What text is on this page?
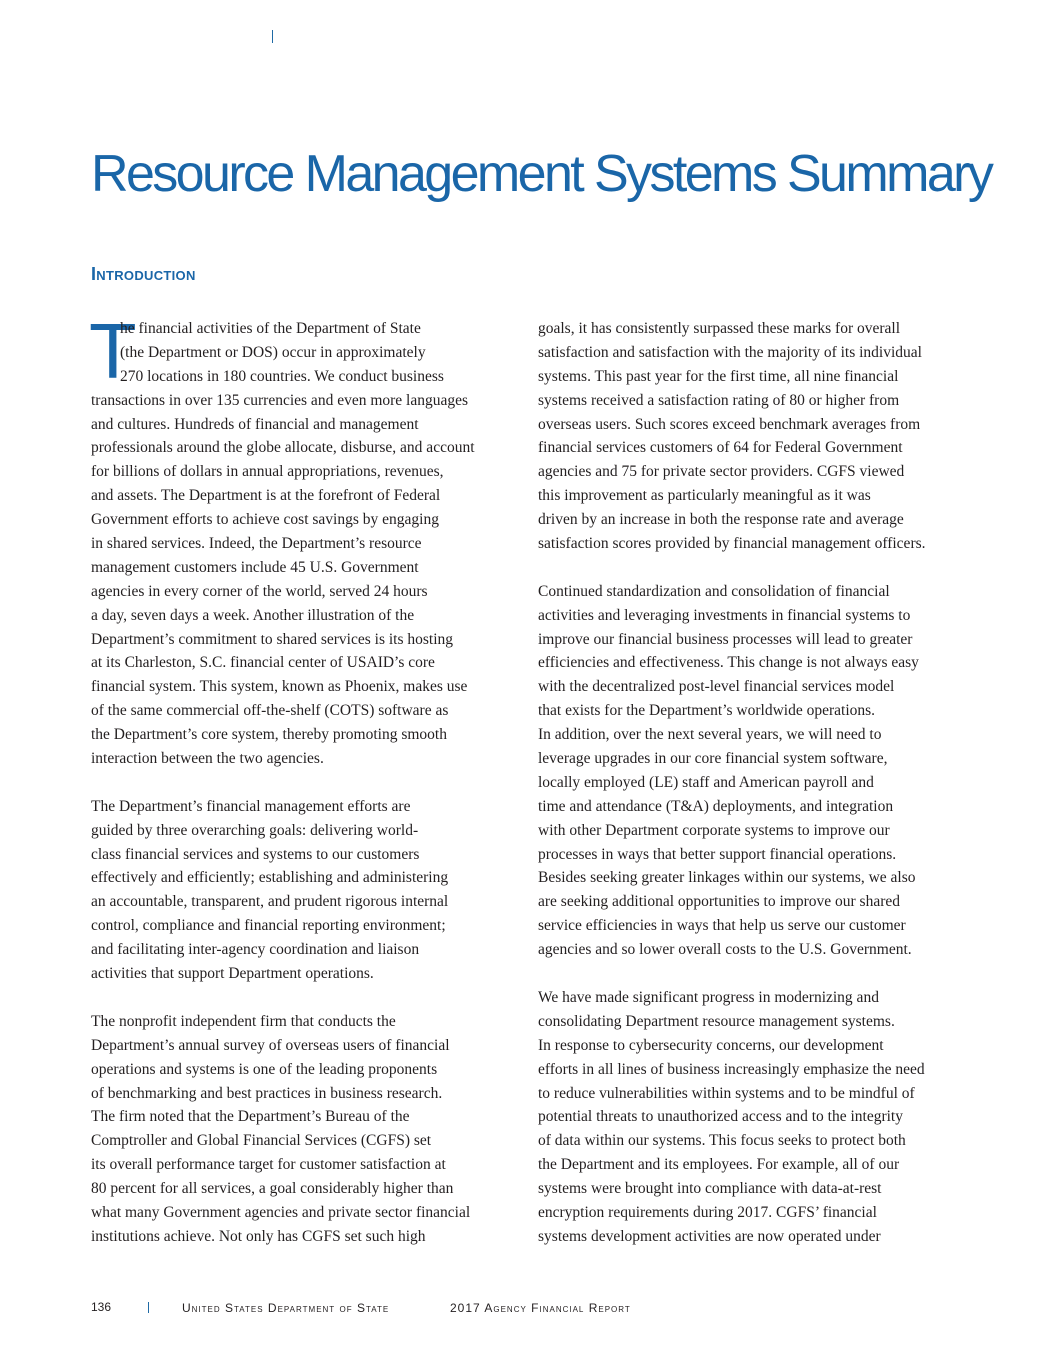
Resource Management Systems Summary
Introduction
T
he financial activities of the Department of State
(the Department or DOS) occur in approximately
270 locations in 180 countries. We conduct business
transactions in over 135 currencies and even more languages
and cultures. Hundreds of financial and management
professionals around the globe allocate, disburse, and account
for billions of dollars in annual appropriations, revenues,
and assets. The Department is at the forefront of Federal
Government efforts to achieve cost savings by engaging
in shared services. Indeed, the Department’s resource
management customers include 45 U.S. Government
agencies in every corner of the world, served 24 hours
a day, seven days a week. Another illustration of the
Department’s commitment to shared services is its hosting
at its Charleston, S.C. financial center of USAID’s core
financial system. This system, known as Phoenix, makes use
of the same commercial off-the-shelf (COTS) software as
the Department’s core system, thereby promoting smooth
interaction between the two agencies.
The Department’s financial management efforts are
guided by three overarching goals: delivering world-
class financial services and systems to our customers
effectively and efficiently; establishing and administering
an accountable, transparent, and prudent rigorous internal
control, compliance and financial reporting environment;
and facilitating inter-agency coordination and liaison
activities that support Department operations.
The nonprofit independent firm that conducts the
Department’s annual survey of overseas users of financial
operations and systems is one of the leading proponents
of benchmarking and best practices in business research.
The firm noted that the Department’s Bureau of the
Comptroller and Global Financial Services (CGFS) set
its overall performance target for customer satisfaction at
80 percent for all services, a goal considerably higher than
what many Government agencies and private sector financial
institutions achieve. Not only has CGFS set such high
goals, it has consistently surpassed these marks for overall
satisfaction and satisfaction with the majority of its individual
systems. This past year for the first time, all nine financial
systems received a satisfaction rating of 80 or higher from
overseas users. Such scores exceed benchmark averages from
financial services customers of 64 for Federal Government
agencies and 75 for private sector providers. CGFS viewed
this improvement as particularly meaningful as it was
driven by an increase in both the response rate and average
satisfaction scores provided by financial management officers.
Continued standardization and consolidation of financial
activities and leveraging investments in financial systems to
improve our financial business processes will lead to greater
efficiencies and effectiveness. This change is not always easy
with the decentralized post-level financial services model
that exists for the Department’s worldwide operations.
In addition, over the next several years, we will need to
leverage upgrades in our core financial system software,
locally employed (LE) staff and American payroll and
time and attendance (T&A) deployments, and integration
with other Department corporate systems to improve our
processes in ways that better support financial operations.
Besides seeking greater linkages within our systems, we also
are seeking additional opportunities to improve our shared
service efficiencies in ways that help us serve our customer
agencies and so lower overall costs to the U.S. Government.
We have made significant progress in modernizing and
consolidating Department resource management systems.
In response to cybersecurity concerns, our development
efforts in all lines of business increasingly emphasize the need
to reduce vulnerabilities within systems and to be mindful of
potential threats to unauthorized access and to the integrity
of data within our systems. This focus seeks to protect both
the Department and its employees. For example, all of our
systems were brought into compliance with data-at-rest
encryption requirements during 2017. CGFS’ financial
systems development activities are now operated under
136	United States Department of State	2017 Agency Financial Report
